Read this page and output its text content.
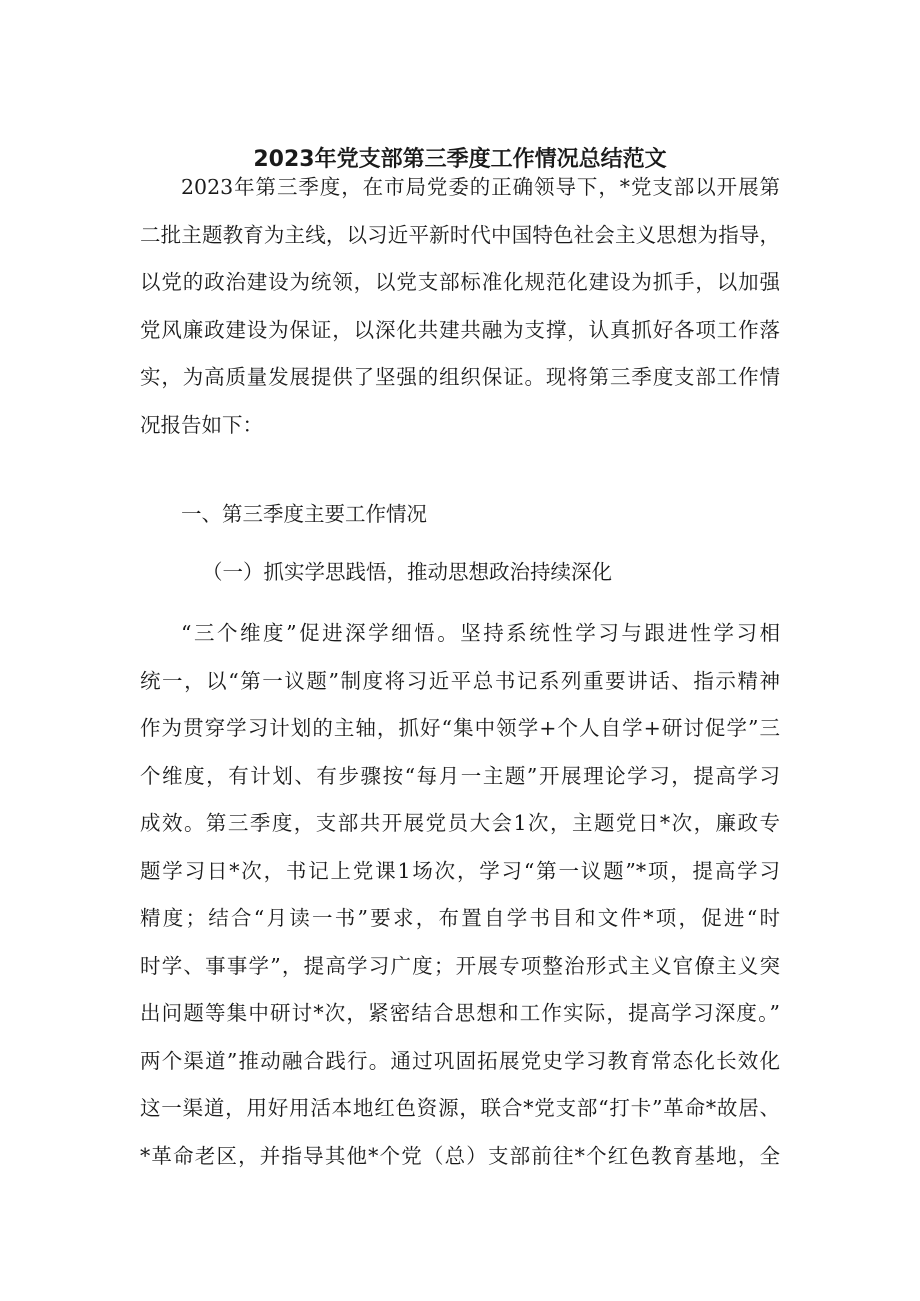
2023年党支部第三季度工作情况总结范文
2023年第三季度，在市局党委的正确领导下，*党支部以开展第
二批主题教育为主线，以习近平新时代中国特色社会主义思想为指导，
以党的政治建设为统领，以党支部标准化规范化建设为抓手，以加强
党风廉政建设为保证，以深化共建共融为支撑，认真抓好各项工作落
实，为高质量发展提供了坚强的组织保证。现将第三季度支部工作情
况报告如下：
一、第三季度主要工作情况
（一）抓实学思践悟，推动思想政治持续深化
“三个维度”促进深学细悟。坚持系统性学习与跟进性学习相
统一，以“第一议题”制度将习近平总书记系列重要讲话、指示精神
作为贯穿学习计划的主轴，抓好“集中领学+个人自学+研讨促学”三
个维度，有计划、有步骤按“每月一主题”开展理论学习，提高学习
成效。第三季度，支部共开展党员大会1次，主题党日*次，廉政专
题学习日*次，书记上党课1场次，学习“第一议题”*项，提高学习
精度；结合“月读一书”要求，布置自学书目和文件*项，促进“时
时学、事事学”，提高学习广度；开展专项整治形式主义官僚主义突
出问题等集中研讨*次，紧密结合思想和工作实际，提高学习深度。”
两个渠道”推动融合践行。通过巩固拓展党史学习教育常态化长效化
这一渠道，用好用活本地红色资源，联合*党支部“打卡”革命*故居、
*革命老区，并指导其他*个党（总）支部前往*个红色教育基地，全
